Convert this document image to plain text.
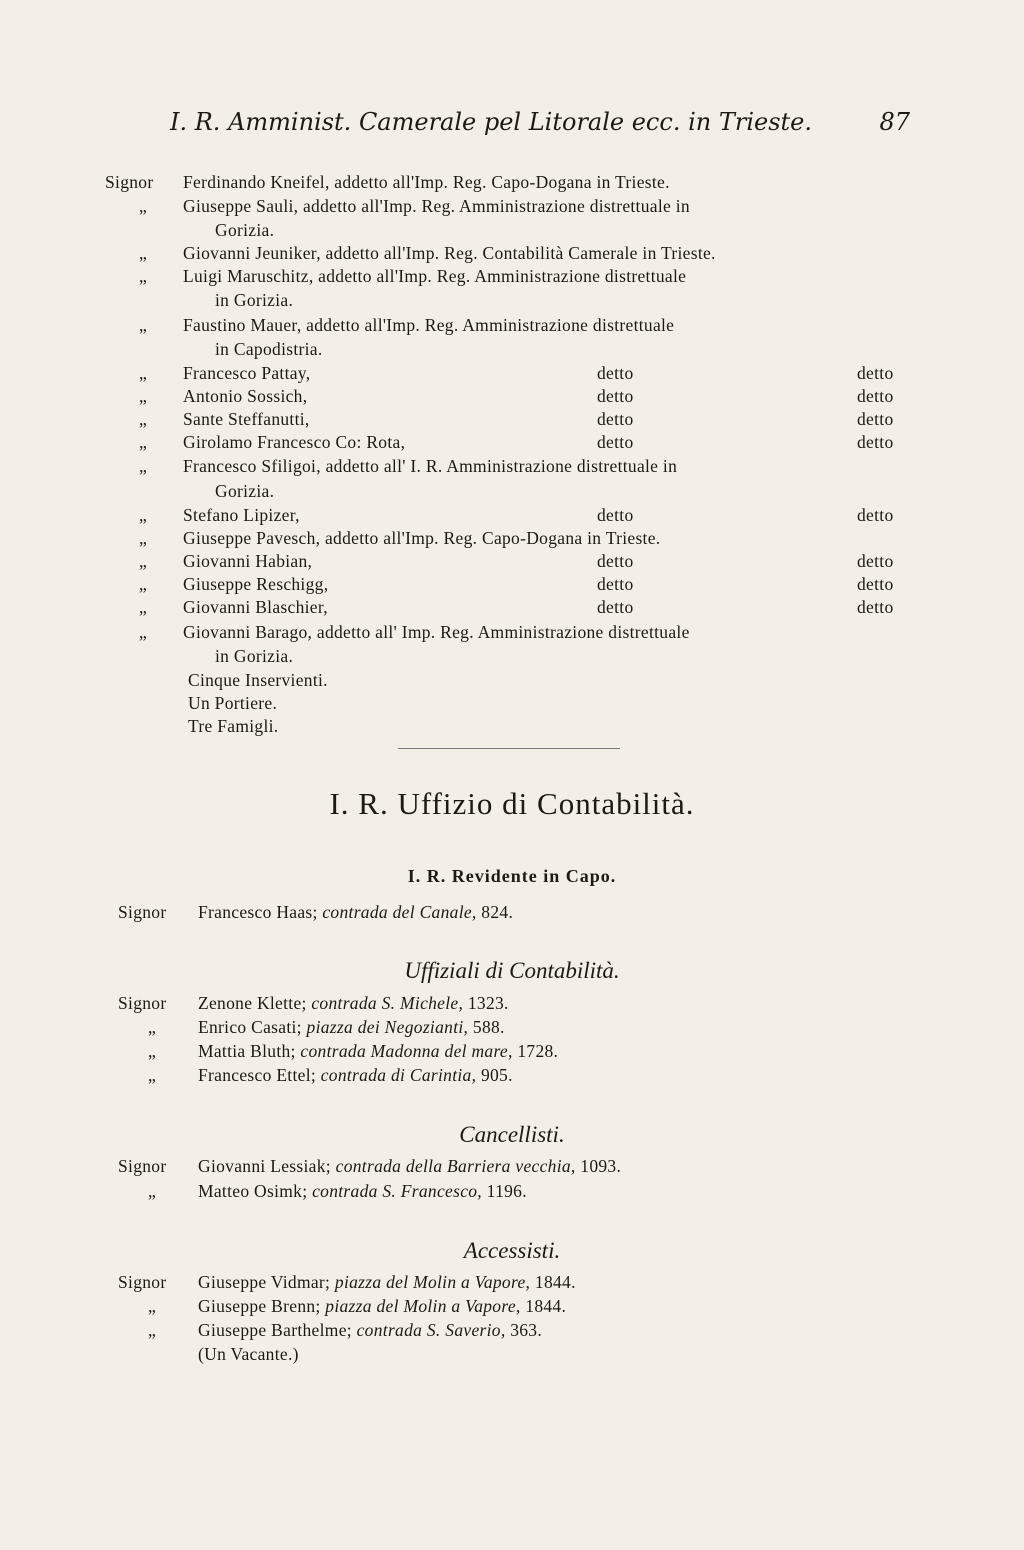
I. R. Amminist. Camerale pel Litorale ecc. in Trieste.	87
Signor Ferdinando Kneifel, addetto all'Imp. Reg. Capo-Dogana in Trieste.
„ Giuseppe Sauli, addetto all'Imp. Reg. Amministrazione distrettuale in
Gorizia.
„ Giovanni Jeuniker, addetto all'Imp. Reg. Contabilità Camerale in Trieste.
„ Luigi Maruschitz, addetto all'Imp. Reg. Amministrazione distrettuale
in Gorizia.
„ Faustino Mauer, addetto all'Imp. Reg. Amministrazione distrettuale
in Capodistria.
„ Francesco Pattay,	detto	detto
„ Antonio Sossich,	detto	detto
„ Sante Steffanutti,	detto	detto
„ Girolamo Francesco Co: Rota,	detto	detto
„ Francesco Sfiligoi, addetto all' I. R. Amministrazione distrettuale in
Gorizia.
„ Stefano Lipizer,	detto	detto
„ Giuseppe Pavesch, addetto all'Imp. Reg. Capo-Dogana in Trieste.
„ Giovanni Habian,	detto	detto
„ Giuseppe Reschigg,	detto	detto
„ Giovanni Blaschier,	detto	detto
„ Giovanni Barago, addetto all' Imp. Reg. Amministrazione distrettuale
in Gorizia.
Cinque Inservienti.
Un Portiere.
Tre Famigli.
I. R. Uffizio di Contabilità.
I. R. Revidente in Capo.
Signor Francesco Haas; contrada del Canale, 824.
Uffiziali di Contabilità.
Signor Zenone Klette; contrada S. Michele, 1323.
„ Enrico Casati; piazza dei Negozianti, 588.
„ Mattia Bluth; contrada Madonna del mare, 1728.
„ Francesco Ettel; contrada di Carintia, 905.
Cancellisti.
Signor Giovanni Lessiak; contrada della Barriera vecchia, 1093.
„ Matteo Osimk; contrada S. Francesco, 1196.
Accessisti.
Signor Giuseppe Vidmar; piazza del Molin a Vapore, 1844.
„ Giuseppe Brenn; piazza del Molin a Vapore, 1844.
„ Giuseppe Barthelme; contrada S. Saverio, 363.
(Un Vacante.)
